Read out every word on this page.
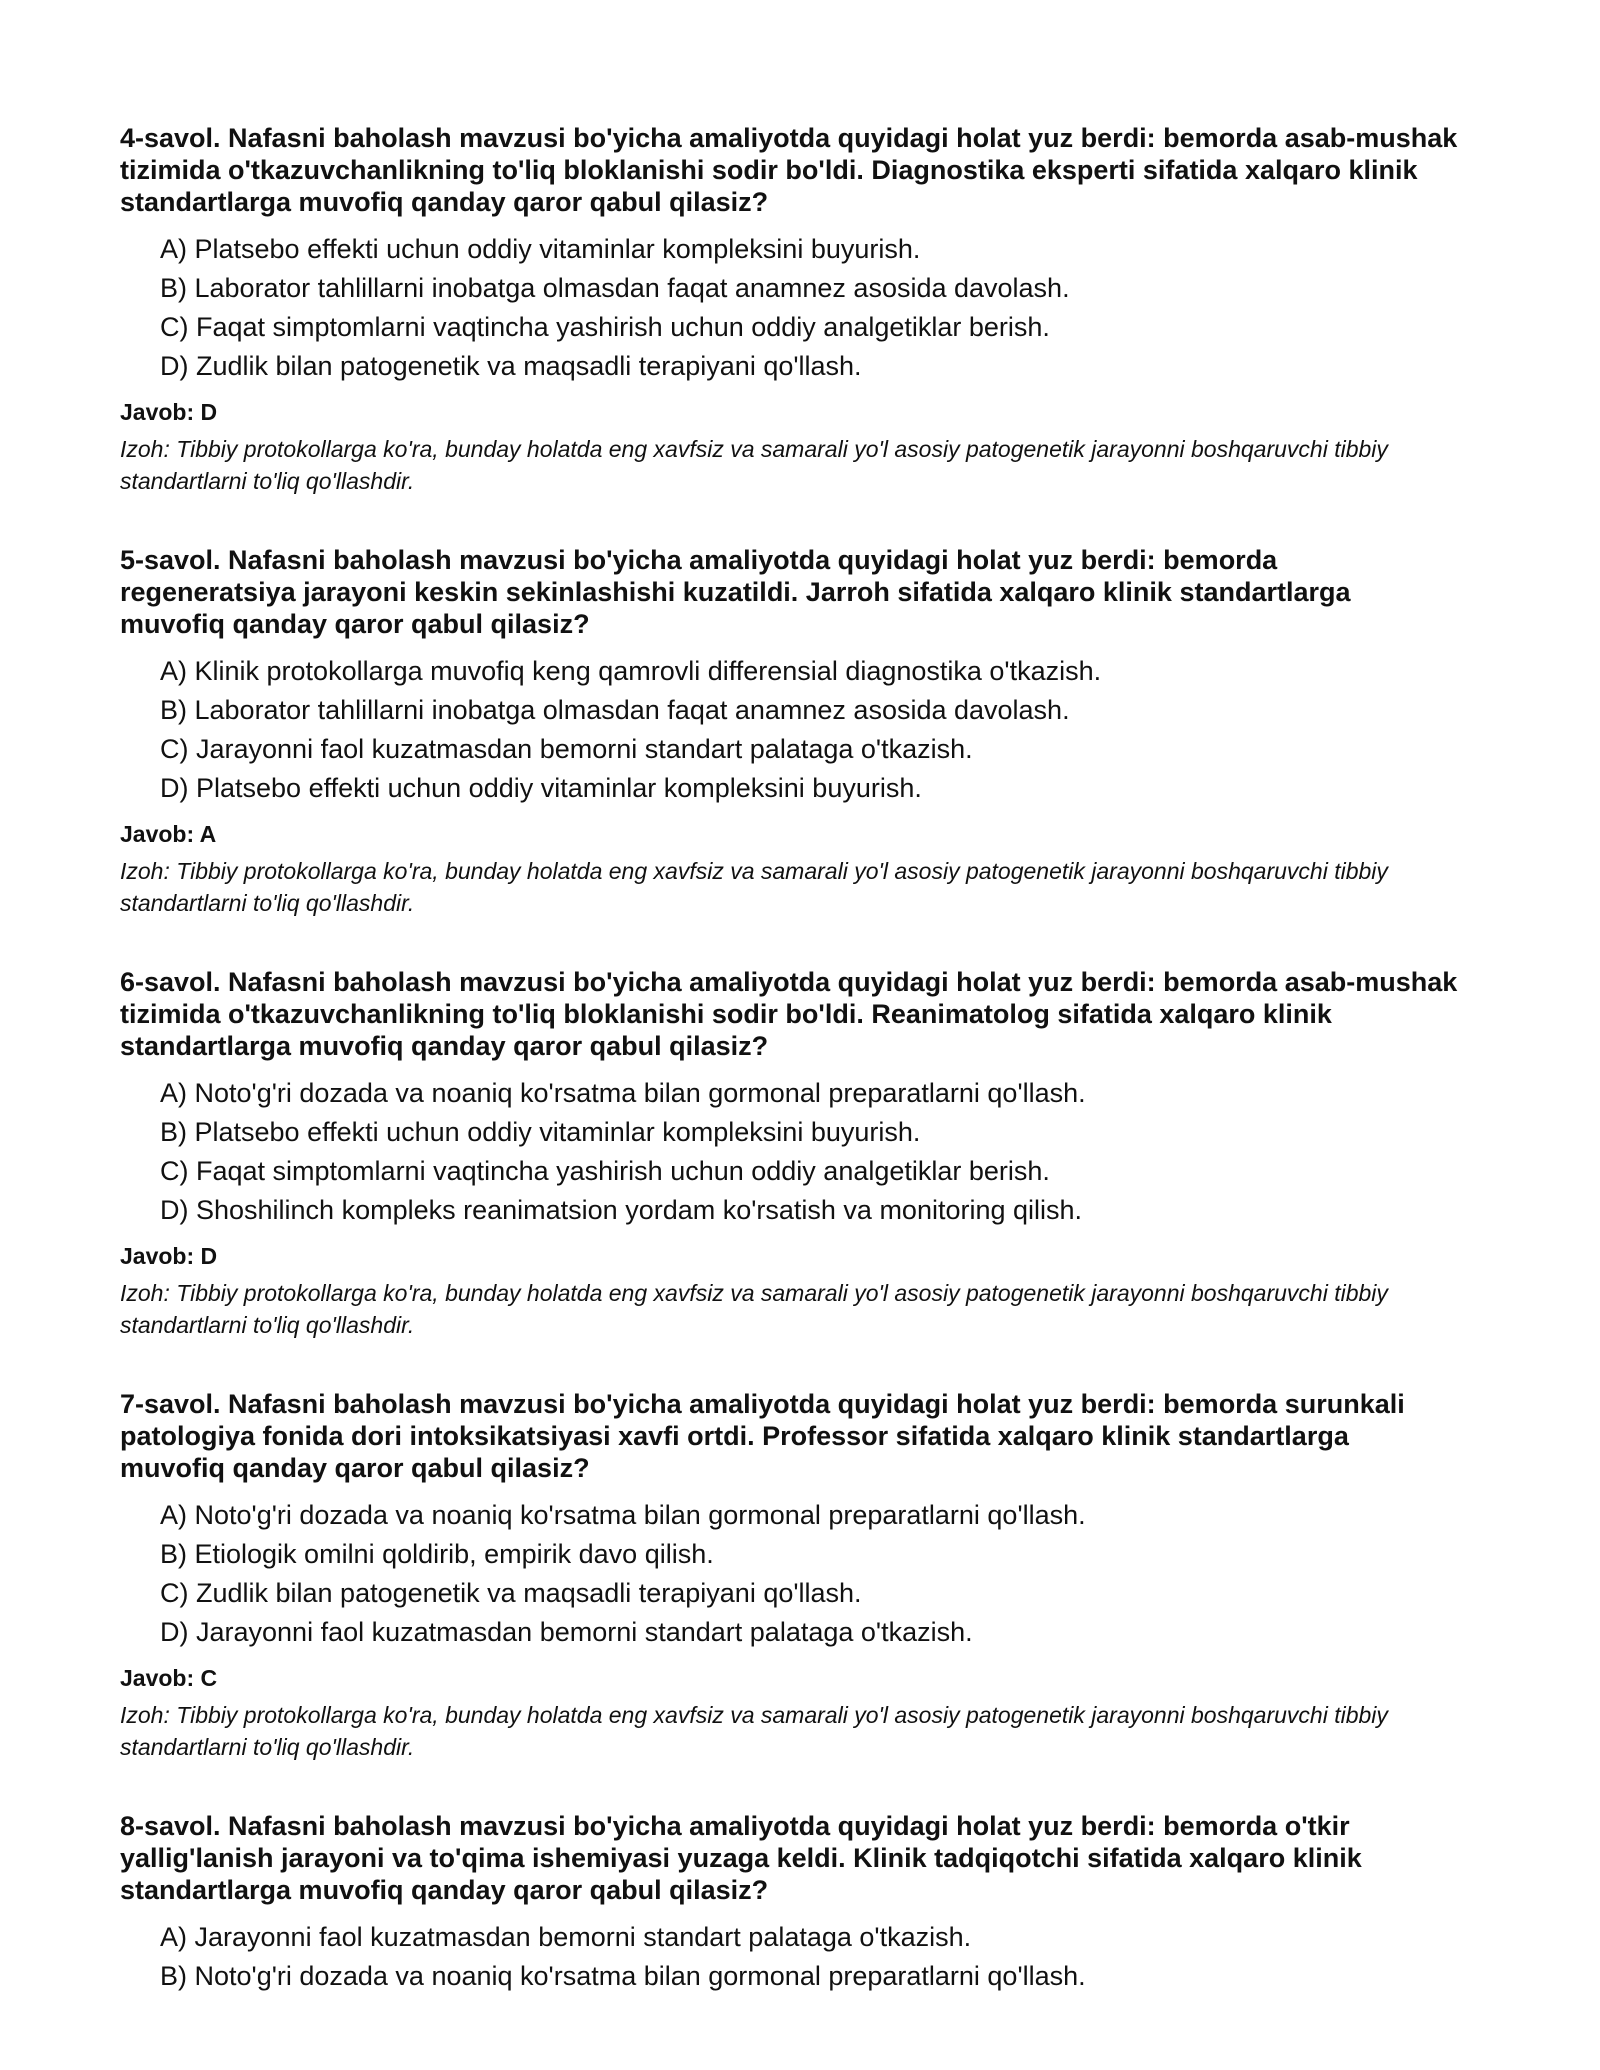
4-savol. Nafasni baholash mavzusi bo'yicha amaliyotda quyidagi holat yuz berdi: bemorda asab-mushak tizimida o'tkazuvchanlikning to'liq bloklanishi sodir bo'ldi. Diagnostika eksperti sifatida xalqaro klinik standartlarga muvofiq qanday qaror qabul qilasiz?
A) Platsebo effekti uchun oddiy vitaminlar kompleksini buyurish.
B) Laborator tahlillarni inobatga olmasdan faqat anamnez asosida davolash.
C) Faqat simptomlarni vaqtincha yashirish uchun oddiy analgetiklar berish.
D) Zudlik bilan patogenetik va maqsadli terapiyani qo'llash.
Javob: D
Izoh: Tibbiy protokollarga ko'ra, bunday holatda eng xavfsiz va samarali yo'l asosiy patogenetik jarayonni boshqaruvchi tibbiy standartlarni to'liq qo'llashdir.
5-savol. Nafasni baholash mavzusi bo'yicha amaliyotda quyidagi holat yuz berdi: bemorda regeneratsiya jarayoni keskin sekinlashishi kuzatildi. Jarroh sifatida xalqaro klinik standartlarga muvofiq qanday qaror qabul qilasiz?
A) Klinik protokollarga muvofiq keng qamrovli differensial diagnostika o'tkazish.
B) Laborator tahlillarni inobatga olmasdan faqat anamnez asosida davolash.
C) Jarayonni faol kuzatmasdan bemorni standart palataga o'tkazish.
D) Platsebo effekti uchun oddiy vitaminlar kompleksini buyurish.
Javob: A
Izoh: Tibbiy protokollarga ko'ra, bunday holatda eng xavfsiz va samarali yo'l asosiy patogenetik jarayonni boshqaruvchi tibbiy standartlarni to'liq qo'llashdir.
6-savol. Nafasni baholash mavzusi bo'yicha amaliyotda quyidagi holat yuz berdi: bemorda asab-mushak tizimida o'tkazuvchanlikning to'liq bloklanishi sodir bo'ldi. Reanimatolog sifatida xalqaro klinik standartlarga muvofiq qanday qaror qabul qilasiz?
A) Noto'g'ri dozada va noaniq ko'rsatma bilan gormonal preparatlarni qo'llash.
B) Platsebo effekti uchun oddiy vitaminlar kompleksini buyurish.
C) Faqat simptomlarni vaqtincha yashirish uchun oddiy analgetiklar berish.
D) Shoshilinch kompleks reanimatsion yordam ko'rsatish va monitoring qilish.
Javob: D
Izoh: Tibbiy protokollarga ko'ra, bunday holatda eng xavfsiz va samarali yo'l asosiy patogenetik jarayonni boshqaruvchi tibbiy standartlarni to'liq qo'llashdir.
7-savol. Nafasni baholash mavzusi bo'yicha amaliyotda quyidagi holat yuz berdi: bemorda surunkali patologiya fonida dori intoksikatsiyasi xavfi ortdi. Professor sifatida xalqaro klinik standartlarga muvofiq qanday qaror qabul qilasiz?
A) Noto'g'ri dozada va noaniq ko'rsatma bilan gormonal preparatlarni qo'llash.
B) Etiologik omilni qoldirib, empirik davo qilish.
C) Zudlik bilan patogenetik va maqsadli terapiyani qo'llash.
D) Jarayonni faol kuzatmasdan bemorni standart palataga o'tkazish.
Javob: C
Izoh: Tibbiy protokollarga ko'ra, bunday holatda eng xavfsiz va samarali yo'l asosiy patogenetik jarayonni boshqaruvchi tibbiy standartlarni to'liq qo'llashdir.
8-savol. Nafasni baholash mavzusi bo'yicha amaliyotda quyidagi holat yuz berdi: bemorda o'tkir yallig'lanish jarayoni va to'qima ishemiyasi yuzaga keldi. Klinik tadqiqotchi sifatida xalqaro klinik standartlarga muvofiq qanday qaror qabul qilasiz?
A) Jarayonni faol kuzatmasdan bemorni standart palataga o'tkazish.
B) Noto'g'ri dozada va noaniq ko'rsatma bilan gormonal preparatlarni qo'llash.
